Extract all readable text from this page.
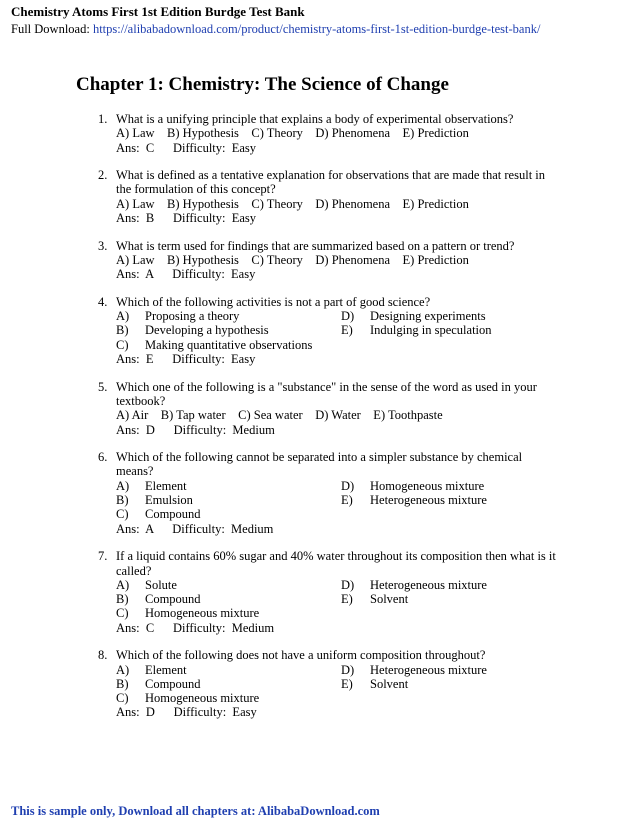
Chemistry Atoms First 1st Edition Burdge Test Bank
Full Download: https://alibabadownload.com/product/chemistry-atoms-first-1st-edition-burdge-test-bank/
Chapter 1: Chemistry: The Science of Change
1. What is a unifying principle that explains a body of experimental observations?
A) Law    B) Hypothesis    C) Theory    D) Phenomena    E) Prediction
Ans:  C      Difficulty:  Easy
2. What is defined as a tentative explanation for observations that are made that result in
the formulation of this concept?
A) Law    B) Hypothesis    C) Theory    D) Phenomena    E) Prediction
Ans:  B      Difficulty:  Easy
3. What is term used for findings that are summarized based on a pattern or trend?
A) Law    B) Hypothesis    C) Theory    D) Phenomena    E) Prediction
Ans:  A      Difficulty:  Easy
4. Which of the following activities is not a part of good science?
A)	Proposing a theory	D)	Designing experiments
B)	Developing a hypothesis	E)	Indulging in speculation
C)	Making quantitative observations
Ans:  E      Difficulty:  Easy
5. Which one of the following is a "substance" in the sense of the word as used in your
textbook?
A) Air    B) Tap water    C) Sea water    D) Water    E) Toothpaste
Ans:  D      Difficulty:  Medium
6. Which of the following cannot be separated into a simpler substance by chemical
means?
A)	Element	D)	Homogeneous mixture
B)	Emulsion	E)	Heterogeneous mixture
C)	Compound
Ans:  A      Difficulty:  Medium
7. If a liquid contains 60% sugar and 40% water throughout its composition then what is it
called?
A)	Solute	D)	Heterogeneous mixture
B)	Compound	E)	Solvent
C)	Homogeneous mixture
Ans:  C      Difficulty:  Medium
8. Which of the following does not have a uniform composition throughout?
A)	Element	D)	Heterogeneous mixture
B)	Compound	E)	Solvent
C)	Homogeneous mixture
Ans:  D      Difficulty:  Easy
This is sample only, Download all chapters at: AlibabaDownload.com
